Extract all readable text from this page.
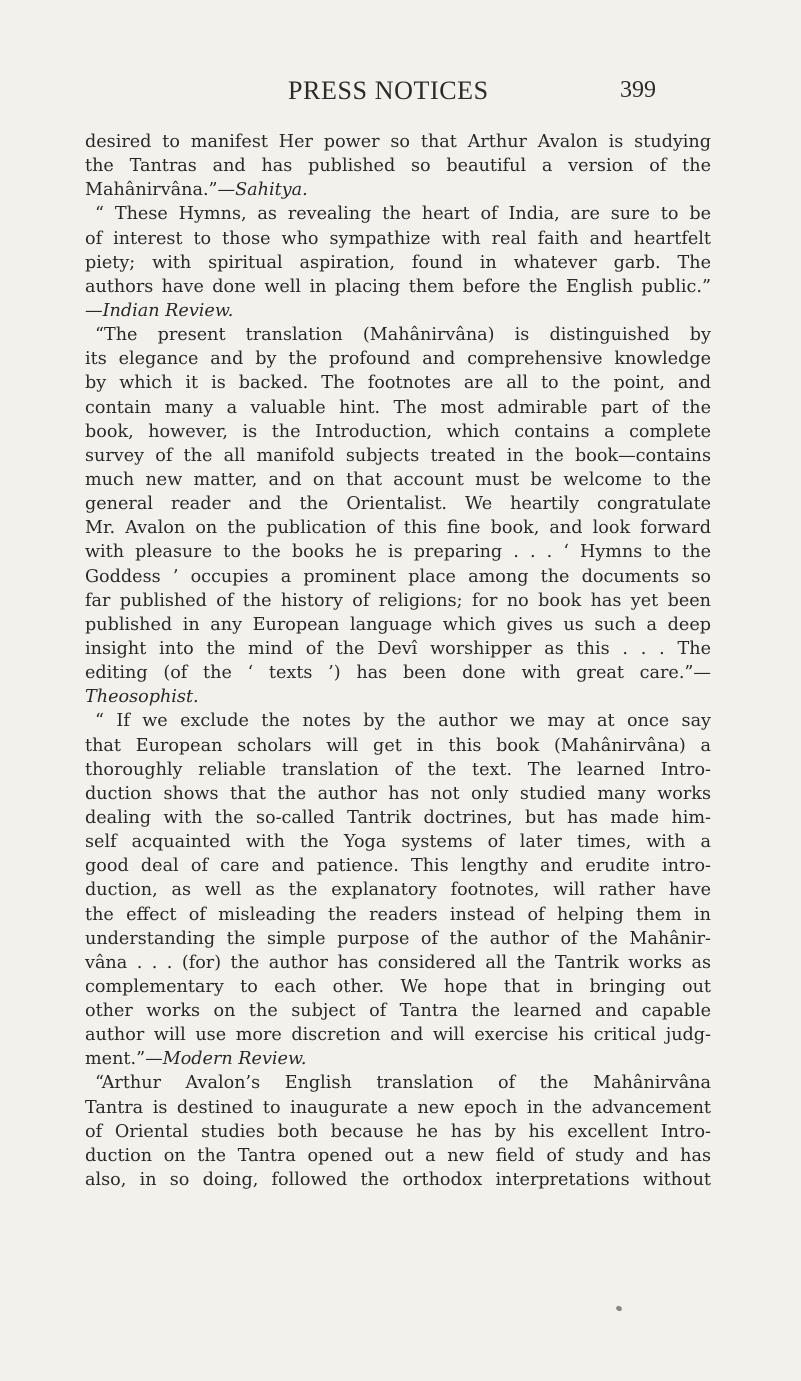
PRESS NOTICES	399
desired to manifest Her power so that Arthur Avalon is studying
the Tantras and has published so beautiful a version of the
Mahânirvâna.”—Sahitya.
“ These Hymns, as revealing the heart of India, are sure to be
of interest to those who sympathize with real faith and heartfelt
piety; with spiritual aspiration, found in whatever garb. The
authors have done well in placing them before the English public.”
—Indian Review.
“The present translation (Mahânirvâna) is distinguished by
its elegance and by the profound and comprehensive knowledge
by which it is backed. The footnotes are all to the point, and
contain many a valuable hint. The most admirable part of the
book, however, is the Introduction, which contains a complete
survey of the all manifold subjects treated in the book—contains
much new matter, and on that account must be welcome to the
general reader and the Orientalist. We heartily congratulate
Mr. Avalon on the publication of this fine book, and look forward
with pleasure to the books he is preparing . . . ‘ Hymns to the
Goddess ’ occupies a prominent place among the documents so
far published of the history of religions; for no book has yet been
published in any European language which gives us such a deep
insight into the mind of the Devî worshipper as this . . . The
editing (of the ‘ texts ’) has been done with great care.”—
Theosophist.
“ If we exclude the notes by the author we may at once say
that European scholars will get in this book (Mahânirvâna) a
thoroughly reliable translation of the text. The learned Intro-
duction shows that the author has not only studied many works
dealing with the so-called Tantrik doctrines, but has made him-
self acquainted with the Yoga systems of later times, with a
good deal of care and patience. This lengthy and erudite intro-
duction, as well as the explanatory footnotes, will rather have
the effect of misleading the readers instead of helping them in
understanding the simple purpose of the author of the Mahânir-
vâna . . . (for) the author has considered all the Tantrik works as
complementary to each other. We hope that in bringing out
other works on the subject of Tantra the learned and capable
author will use more discretion and will exercise his critical judg-
ment.”—Modern Review.
“Arthur Avalon’s English translation of the Mahânirvâna
Tantra is destined to inaugurate a new epoch in the advancement
of Oriental studies both because he has by his excellent Intro-
duction on the Tantra opened out a new field of study and has
also, in so doing, followed the orthodox interpretations without
